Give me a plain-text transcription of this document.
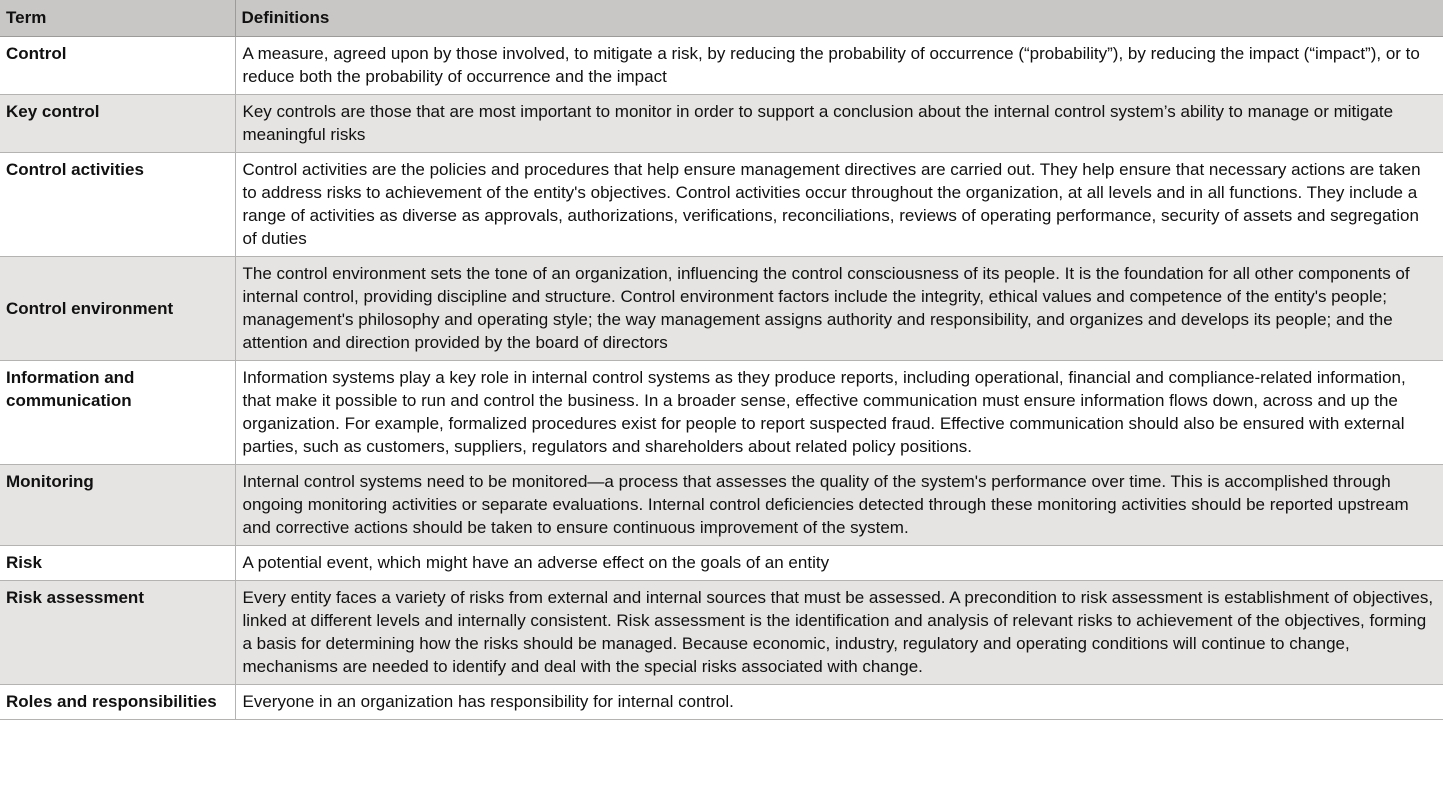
Term	Definitions
Control	A measure, agreed upon by those involved, to mitigate a risk, by reducing the probability of occurrence (“probability”), by reducing the impact (“impact”), or to reduce both the probability of occurrence and the impact
Key control	Key controls are those that are most important to monitor in order to support a conclusion about the internal control system’s ability to manage or mitigate meaningful risks
Control activities	Control activities are the policies and procedures that help ensure management directives are carried out. They help ensure that necessary actions are taken to address risks to achievement of the entity's objectives. Control activities occur throughout the organization, at all levels and in all functions. They include a range of activities as diverse as approvals, authorizations, verifications, reconciliations, reviews of operating performance, security of assets and segregation of duties
Control environment	The control environment sets the tone of an organization, influencing the control consciousness of its people. It is the foundation for all other components of internal control, providing discipline and structure. Control environment factors include the integrity, ethical values and competence of the entity's people; management's philosophy and operating style; the way management assigns authority and responsibility, and organizes and develops its people; and the attention and direction provided by the board of directors
Information and communication	Information systems play a key role in internal control systems as they produce reports, including operational, financial and compliance-related information, that make it possible to run and control the business. In a broader sense, effective communication must ensure information flows down, across and up the organization. For example, formalized procedures exist for people to report suspected fraud. Effective communication should also be ensured with external parties, such as customers, suppliers, regulators and shareholders about related policy positions.
Monitoring	Internal control systems need to be monitored—a process that assesses the quality of the system's performance over time. This is accomplished through ongoing monitoring activities or separate evaluations. Internal control deficiencies detected through these monitoring activities should be reported upstream and corrective actions should be taken to ensure continuous improvement of the system.
Risk	A potential event, which might have an adverse effect on the goals of an entity
Risk assessment	Every entity faces a variety of risks from external and internal sources that must be assessed. A precondition to risk assessment is establishment of objectives, linked at different levels and internally consistent. Risk assessment is the identification and analysis of relevant risks to achievement of the objectives, forming a basis for determining how the risks should be managed. Because economic, industry, regulatory and operating conditions will continue to change, mechanisms are needed to identify and deal with the special risks associated with change.
Roles and responsibilities	Everyone in an organization has responsibility for internal control.
